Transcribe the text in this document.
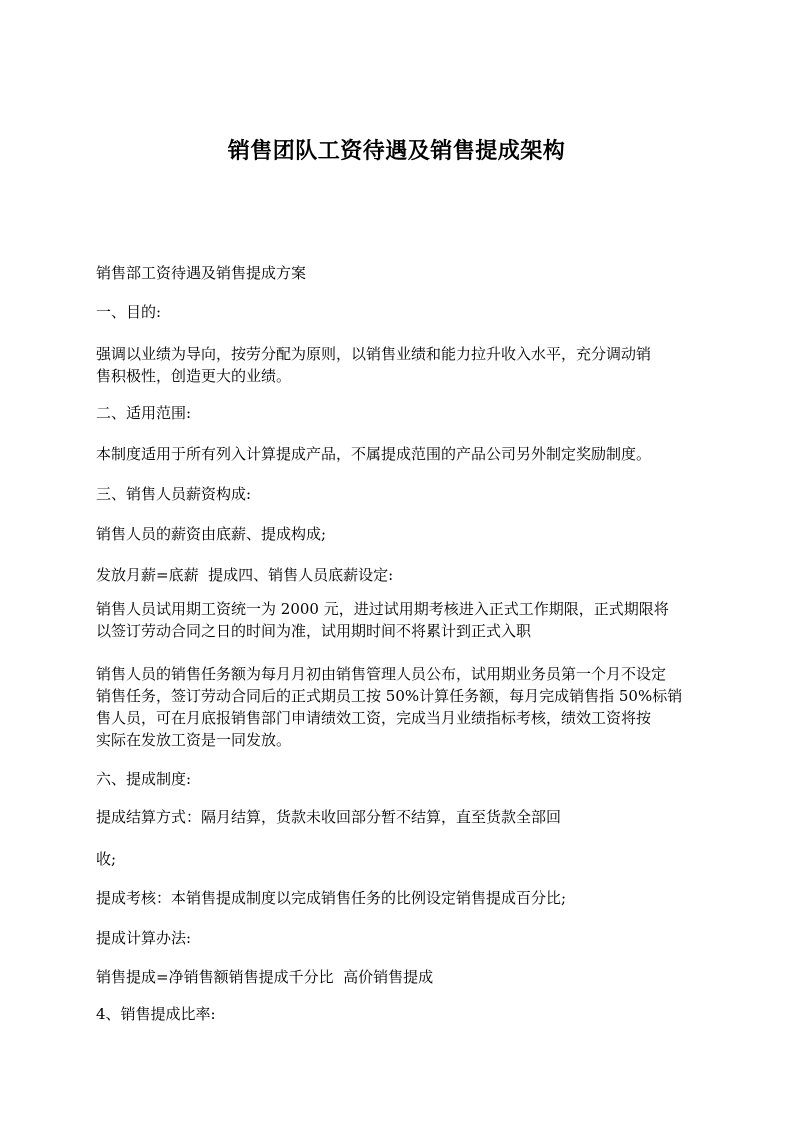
销售团队工资待遇及销售提成架构
销售部工资待遇及销售提成方案
一、目的:
强调以业绩为导向，按劳分配为原则，以销售业绩和能力拉升收入水平，充分调动销
售积极性，创造更大的业绩。
二、适用范围:
本制度适用于所有列入计算提成产品，不属提成范围的产品公司另外制定奖励制度。
三、销售人员薪资构成:
销售人员的薪资由底薪、提成构成;
发放月薪=底薪  提成四、销售人员底薪设定:
销售人员试用期工资统一为 2000 元，进过试用期考核进入正式工作期限，正式期限将
以签订劳动合同之日的时间为准，试用期时间不将累计到正式入职
销售人员的销售任务额为每月月初由销售管理人员公布，试用期业务员第一个月不设定
销售任务，签订劳动合同后的正式期员工按 50%计算任务额，每月完成销售指 50%标销
售人员，可在月底报销售部门申请绩效工资，完成当月业绩指标考核，绩效工资将按
实际在发放工资是一同发放。
六、提成制度:
提成结算方式：隔月结算，货款未收回部分暂不结算，直至货款全部回
收;
提成考核：本销售提成制度以完成销售任务的比例设定销售提成百分比;
提成计算办法:
销售提成=净销售额销售提成千分比  高价销售提成
4、销售提成比率:
